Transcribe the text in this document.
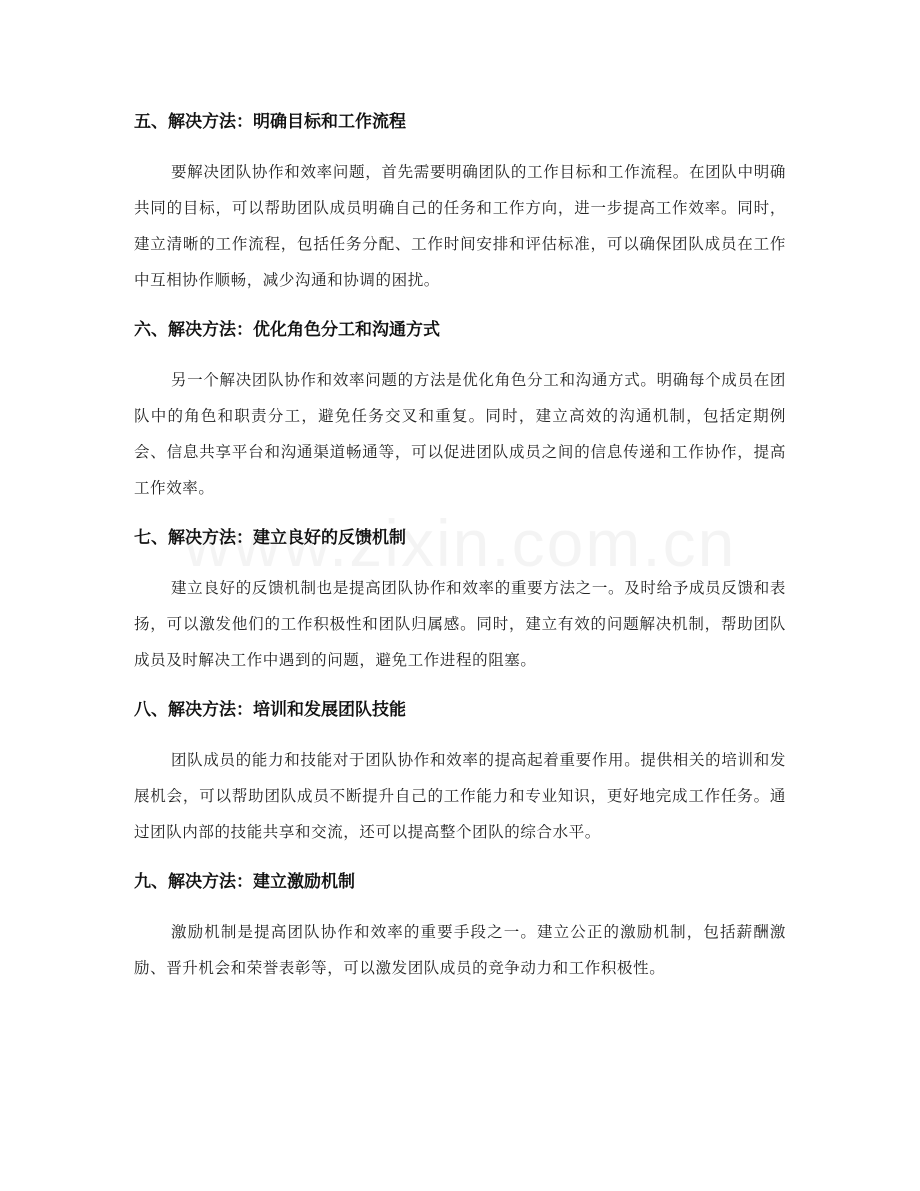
五、解决方法：明确目标和工作流程

要解决团队协作和效率问题，首先需要明确团队的工作目标和工作流程。在团队中明确共同的目标，可以帮助团队成员明确自己的任务和工作方向，进一步提高工作效率。同时，建立清晰的工作流程，包括任务分配、工作时间安排和评估标准，可以确保团队成员在工作中互相协作顺畅，减少沟通和协调的困扰。

六、解决方法：优化角色分工和沟通方式

另一个解决团队协作和效率问题的方法是优化角色分工和沟通方式。明确每个成员在团队中的角色和职责分工，避免任务交叉和重复。同时，建立高效的沟通机制，包括定期例会、信息共享平台和沟通渠道畅通等，可以促进团队成员之间的信息传递和工作协作，提高工作效率。

七、解决方法：建立良好的反馈机制

建立良好的反馈机制也是提高团队协作和效率的重要方法之一。及时给予成员反馈和表扬，可以激发他们的工作积极性和团队归属感。同时，建立有效的问题解决机制，帮助团队成员及时解决工作中遇到的问题，避免工作进程的阻塞。

八、解决方法：培训和发展团队技能

团队成员的能力和技能对于团队协作和效率的提高起着重要作用。提供相关的培训和发展机会，可以帮助团队成员不断提升自己的工作能力和专业知识，更好地完成工作任务。通过团队内部的技能共享和交流，还可以提高整个团队的综合水平。

九、解决方法：建立激励机制

激励机制是提高团队协作和效率的重要手段之一。建立公正的激励机制，包括薪酬激励、晋升机会和荣誉表彰等，可以激发团队成员的竞争动力和工作积极性。
